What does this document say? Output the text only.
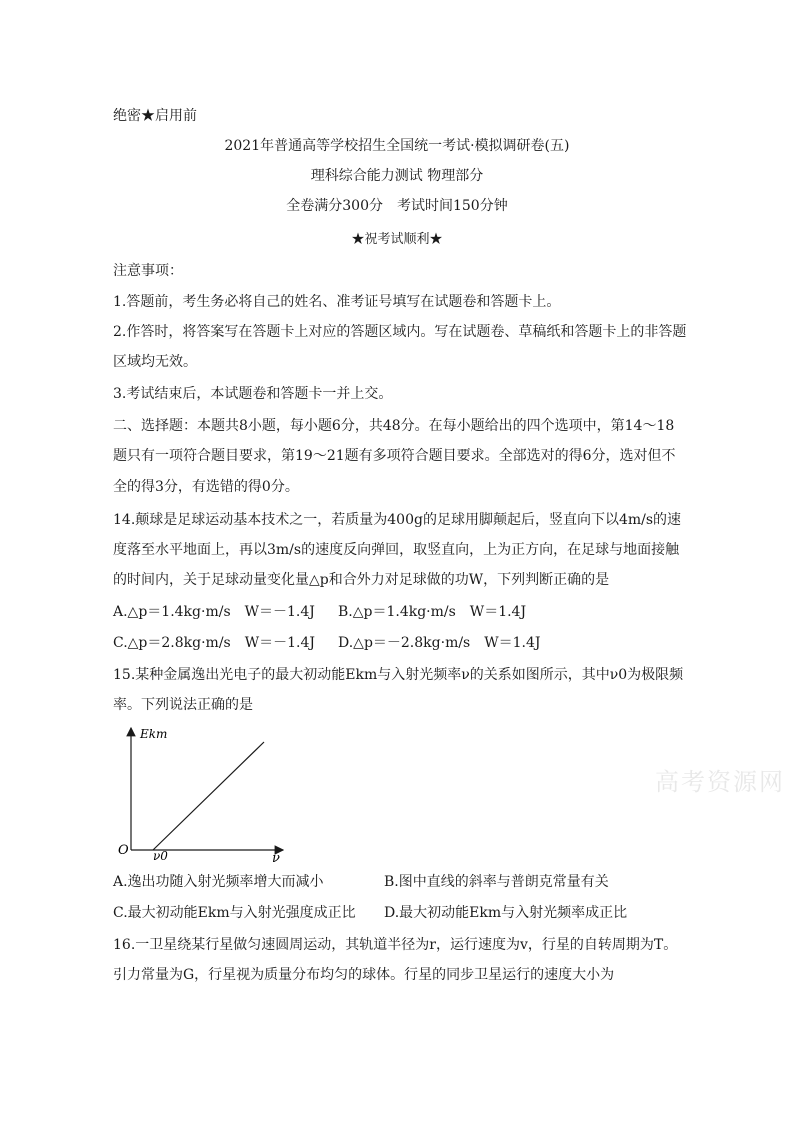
绝密★启用前
2021年普通高等学校招生全国统一考试·模拟调研卷(五)
理科综合能力测试 物理部分
全卷满分300分　考试时间150分钟
★祝考试顺利★
注意事项：
1.答题前，考生务必将自己的姓名、准考证号填写在试题卷和答题卡上。
2.作答时，将答案写在答题卡上对应的答题区域内。写在试题卷、草稿纸和答题卡上的非答题
区域均无效。
3.考试结束后，本试题卷和答题卡一并上交。
二、选择题：本题共8小题，每小题6分，共48分。在每小题给出的四个选项中，第14～18
题只有一项符合题目要求，第19～21题有多项符合题目要求。全部选对的得6分，选对但不
全的得3分，有选错的得0分。
14.颠球是足球运动基本技术之一，若质量为400g的足球用脚颠起后，竖直向下以4m/s的速
度落至水平地面上，再以3m/s的速度反向弹回，取竖直向，上为正方向，在足球与地面接触
的时间内，关于足球动量变化量△p和合外力对足球做的功W，下列判断正确的是
A.△p＝1.4kg·m/s　W＝－1.4J B.△p＝1.4kg·m/s　W＝1.4J
C.△p＝2.8kg·m/s　W＝－1.4J D.△p＝－2.8kg·m/s　W＝1.4J
15.某种金属逸出光电子的最大初动能Ekm与入射光频率ν的关系如图所示，其中ν0为极限频
率。下列说法正确的是
Ekm
O ν0	ν
高考资源网
A.逸出功随入射光频率增大而减小	B.图中直线的斜率与普朗克常量有关
C.最大初动能Ekm与入射光强度成正比 D.最大初动能Ekm与入射光频率成正比
16.一卫星绕某行星做匀速圆周运动，其轨道半径为r，运行速度为v，行星的自转周期为T。
引力常量为G，行星视为质量分布均匀的球体。行星的同步卫星运行的速度大小为
